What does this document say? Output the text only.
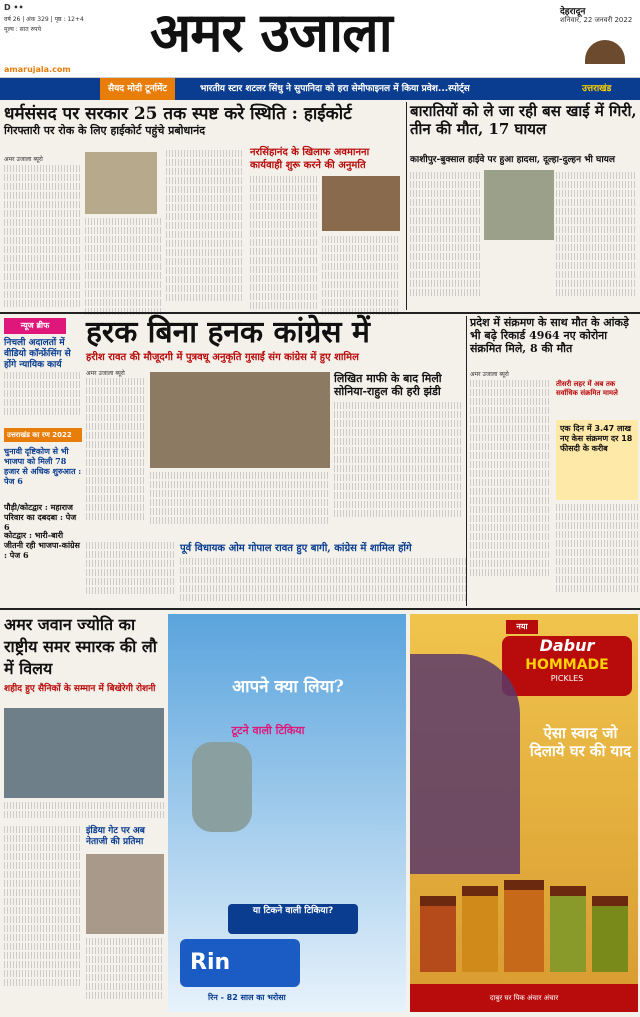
D ••
वर्ष 26 | अंक 329 | पृष्ठ : 12+4
मूल्य : सात रुपये अमर उजाला	देहरादून
शनिवार, 22 जनवरी 2022
amarujala.com
सैयद मोदी टूर्नामेंट	भारतीय स्टार शटलर सिंधु ने सुपानिदा को हरा सेमीफाइनल में किया प्रवेश...स्पोर्ट्स	उत्तराखंड
धर्मसंसद पर सरकार 25 तक स्पष्ट करे स्थिति : हाईकोर्ट
गिरफ्तारी पर रोक के लिए हाईकोर्ट पहुंचे प्रबोधानंद
अमर उजाला ब्यूरो
नरसिंहानंद के खिलाफ अवमानना कार्यवाही शुरू करने की अनुमति
बारातियों को ले जा रही बस खाई में गिरी, तीन की मौत, 17 घायल
काशीपुर-बुक्साल हाईवे पर हुआ हादसा, दूल्हा-दुल्हन भी घायल
न्यूज ब्रीफ
निचली अदालतों में वीडियो कॉन्फ्रेंसिंग से होंगे न्यायिक कार्य
उत्तराखंड का रण 2022
चुनावी दृष्टिकोण से भी भाजपा को मिली 78 हजार से अधिक शुरुआत : पेज 6
पौड़ी/कोटद्वार : महाराज परिवार का दबदबा : पेज 6
कोटद्वार : भारी-बारी जीतनी रही भाजपा-कांग्रेस : पेज 6
हरक बिना हनक कांग्रेस में
हरीश रावत की मौजूदगी में पुत्रवधू अनुकृति गुसाईं संग कांग्रेस में हुए शामिल
अमर उजाला ब्यूरो	लिखित माफी के बाद मिली सोनिया-राहुल की हरी झंडी
प्रदेश में संक्रमण के साथ मौत के आंकड़े भी बढ़े रिकार्ड 4964 नए कोरोना संक्रमित मिले, 8 की मौत
अमर उजाला ब्यूरो
तीसरी लहर में अब तक सर्वाधिक संक्रमित मामले
एक दिन में 3.47 लाख नए केस संक्रमण दर 18 फीसदी के करीब
पूर्व विधायक ओम गोपाल रावत हुए बागी, कांग्रेस में शामिल होंगे
अमर जवान ज्योति का राष्ट्रीय समर स्मारक की लौ में विलय
शहीद हुए सैनिकों के सम्मान में बिखेरेगी रोशनी
इंडिया गेट पर अब नेताजी की प्रतिमा
आपने क्या लिया?
टूटने वाली टिकिया
या टिकने वाली टिकिया?
Rin
रिन - 82 साल का भरोसा
नया
Dabur
HOMMADE
PICKLES
ऐसा स्वाद जो दिलाये घर की याद
दाबुर घर पिक अंचार अंचार
